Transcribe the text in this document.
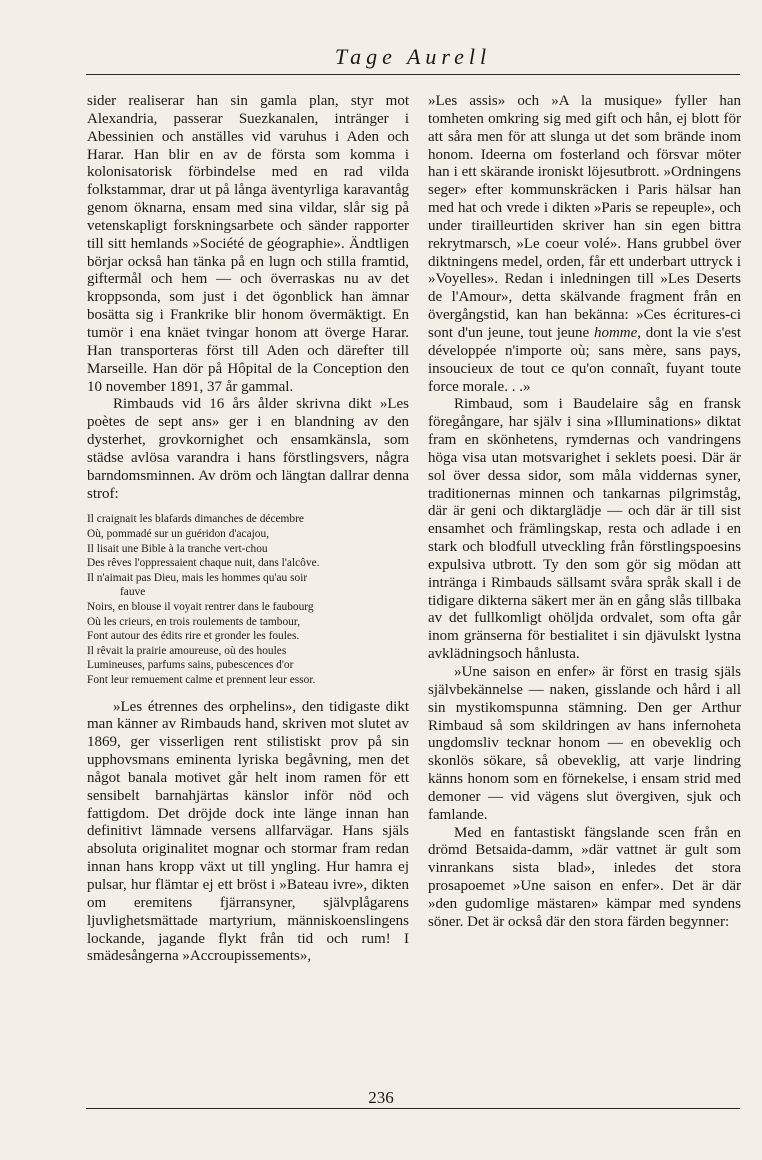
Tage Aurell

sider realiserar han sin gamla plan, styr mot Alexandria, passerar Suezkanalen, intränger i Abessinien och anställes vid varuhus i Aden och Harar. Han blir en av de första som komma i kolonisatorisk förbindelse med en rad vilda folkstammar, drar ut på långa äventyrliga karavantåg genom öknarna, ensam med sina vildar, slår sig på vetenskapligt forskningsarbete och sänder rapporter till sitt hemlands »Société de géographie». Ändtligen börjar också han tänka på en lugn och stilla framtid, giftermål och hem — och överraskas nu av det kroppsonda, som just i det ögonblick han ämnar bosätta sig i Frankrike blir honom övermäktigt. En tumör i ena knäet tvingar honom att överge Harar. Han transporteras först till Aden och därefter till Marseille. Han dör på Hôpital de la Conception den 10 november 1891, 37 år gammal.

Rimbauds vid 16 års ålder skrivna dikt »Les poètes de sept ans» ger i en blandning av den dysterhet, grovkornighet och ensamkänsla, som städse avlösa varandra i hans förstlingsvers, några barndomsminnen. Av dröm och längtan dallrar denna strof:

Il craignait les blafards dimanches de décembre
Où, pommadé sur un guéridon d'acajou,
Il lisait une Bible à la tranche vert-chou
Des rêves l'oppressaient chaque nuit, dans l'alcôve.
Il n'aimait pas Dieu, mais les hommes qu'au soir
fauve
Noirs, en blouse il voyait rentrer dans le faubourg
Où les crieurs, en trois roulements de tambour,
Font autour des édits rire et gronder les foules.
Il rêvait la prairie amoureuse, où des houles
Lumineuses, parfums sains, pubescences d'or
Font leur remuement calme et prennent leur essor.

»Les étrennes des orphelins», den tidigaste dikt man känner av Rimbauds hand, skriven mot slutet av 1869, ger visserligen rent stilistiskt prov på sin upphovsmans eminenta lyriska begåvning, men det något banala motivet går helt inom ramen för ett sensibelt barnahjärtas känslor inför nöd och fattigdom. Det dröjde dock inte länge innan han definitivt lämnade versens allfarvägar. Hans själs absoluta originalitet mognar och stormar fram redan innan hans kropp växt ut till yngling. Hur hamra ej pulsar, hur flämtar ej ett bröst i »Bateau ivre», dikten om eremitens fjärransyner, självplågarens ljuvlighetsmättade martyrium, människoenslingens lockande, jagande flykt från tid och rum! I smädesångerna »Accroupissements»,

»Les assis» och »A la musique» fyller han tomheten omkring sig med gift och hån, ej blott för att såra men för att slunga ut det som brände inom honom. Ideerna om fosterland och försvar möter han i ett skärande ironiskt löjesutbrott. »Ordningens seger» efter kommunskräcken i Paris hälsar han med hat och vrede i dikten »Paris se repeuple», och under tirailleurtiden skriver han sin egen bittra rekrytmarsch, »Le coeur volé». Hans grubbel över diktningens medel, orden, får ett underbart uttryck i »Voyelles». Redan i inledningen till »Les Deserts de l'Amour», detta skälvande fragment från en övergångstid, kan han bekänna: »Ces écritures-ci sont d'un jeune, tout jeune homme, dont la vie s'est développée n'importe où; sans mère, sans pays, insoucieux de tout ce qu'on connaît, fuyant toute force morale. . .»

Rimbaud, som i Baudelaire såg en fransk föregångare, har själv i sina »Illuminations» diktat fram en skönhetens, rymdernas och vandringens höga visa utan motsvarighet i seklets poesi. Där är sol över dessa sidor, som måla viddernas syner, traditionernas minnen och tankarnas pilgrimståg, där är geni och diktarglädje — och där är till sist ensamhet och främlingskap, resta och adlade i en stark och blodfull utveckling från förstlingspoesins expulsiva utbrott. Ty den som gör sig mödan att intränga i Rimbauds sällsamt svåra språk skall i de tidigare dikterna säkert mer än en gång slås tillbaka av det fullkomligt ohöljda ordvalet, som ofta går inom gränserna för bestialitet i sin djävulskt lystna avklädningsoch hånlusta.

»Une saison en enfer» är först en trasig själs självbekännelse — naken, gisslande och hård i all sin mystikomspunna stämning. Den ger Arthur Rimbaud så som skildringen av hans infernoheta ungdomsliv tecknar honom — en obeveklig och skonlös sökare, så obeveklig, att varje lindring känns honom som en förnekelse, i ensam strid med demoner — vid vägens slut övergiven, sjuk och famlande.

Med en fantastiskt fängslande scen från en drömd Betsaida-damm, »där vattnet är gult som vinrankans sista blad», inledes det stora prosapoemet »Une saison en enfer». Det är där »den gudomlige mästaren» kämpar med syndens söner. Det är också där den stora färden begynner:

236
